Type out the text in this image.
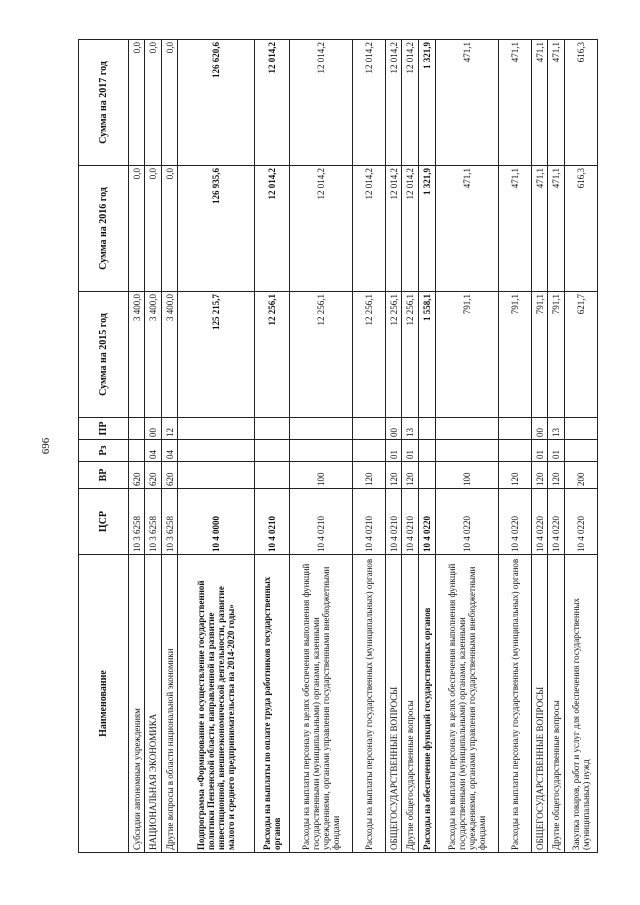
696
Наименование	ЦСР	ВР	Рз	ПР	Сумма на 2015 год	Сумма на 2016 год	Сумма на 2017 год
Субсидии автономным учреждениям	10 3 6258	620			3 400,0	0,0	0,0
НАЦИОНАЛЬНАЯ ЭКОНОМИКА	10 3 6258	620	04	00	3 400,0	0,0	0,0
Другие вопросы в области национальной экономики	10 3 6258	620	04	12	3 400,0	0,0	0,0
Подпрограмма «Формирование и осуществление государственной политики Пензенской области, направленной на развитие инвестиционной, внешнеэкономической деятельности, развитие малого и среднего предпринимательства на 2014-2020 годы»	10 4 0000				125 215,7	126 935,6	126 620,6
Расходы на выплаты по оплате труда работников государственных органов	10 4 0210				12 256,1	12 014,2	12 014,2
Расходы на выплаты персоналу в целях обеспечения выполнения функций государственными (муниципальными) органами, казенными учреждениями, органами управления государственными внебюджетными фондами	10 4 0210	100			12 256,1	12 014,2	12 014,2
Расходы на выплаты персоналу государственных (муниципальных) органов	10 4 0210	120			12 256,1	12 014,2	12 014,2
ОБЩЕГОСУДАРСТВЕННЫЕ ВОПРОСЫ	10 4 0210	120	01	00	12 256,1	12 014,2	12 014,2
Другие общегосударственные вопросы	10 4 0210	120	01	13	12 256,1	12 014,2	12 014,2
Расходы на обеспечение функций государственных органов	10 4 0220				1 558,1	1 321,9	1 321,9
Расходы на выплаты персоналу в целях обеспечения выполнения функций государственными (муниципальными) органами, казенными учреждениями, органами управления государственными внебюджетными фондами	10 4 0220	100			791,1	471,1	471,1
Расходы на выплаты персоналу государственных (муниципальных) органов	10 4 0220	120			791,1	471,1	471,1
ОБЩЕГОСУДАРСТВЕННЫЕ ВОПРОСЫ	10 4 0220	120	01	00	791,1	471,1	471,1
Другие общегосударственные вопросы	10 4 0220	120	01	13	791,1	471,1	471,1
Закупка товаров, работ и услуг для обеспечения государственных (муниципальных) нужд	10 4 0220	200			621,7	616,3	616,3
